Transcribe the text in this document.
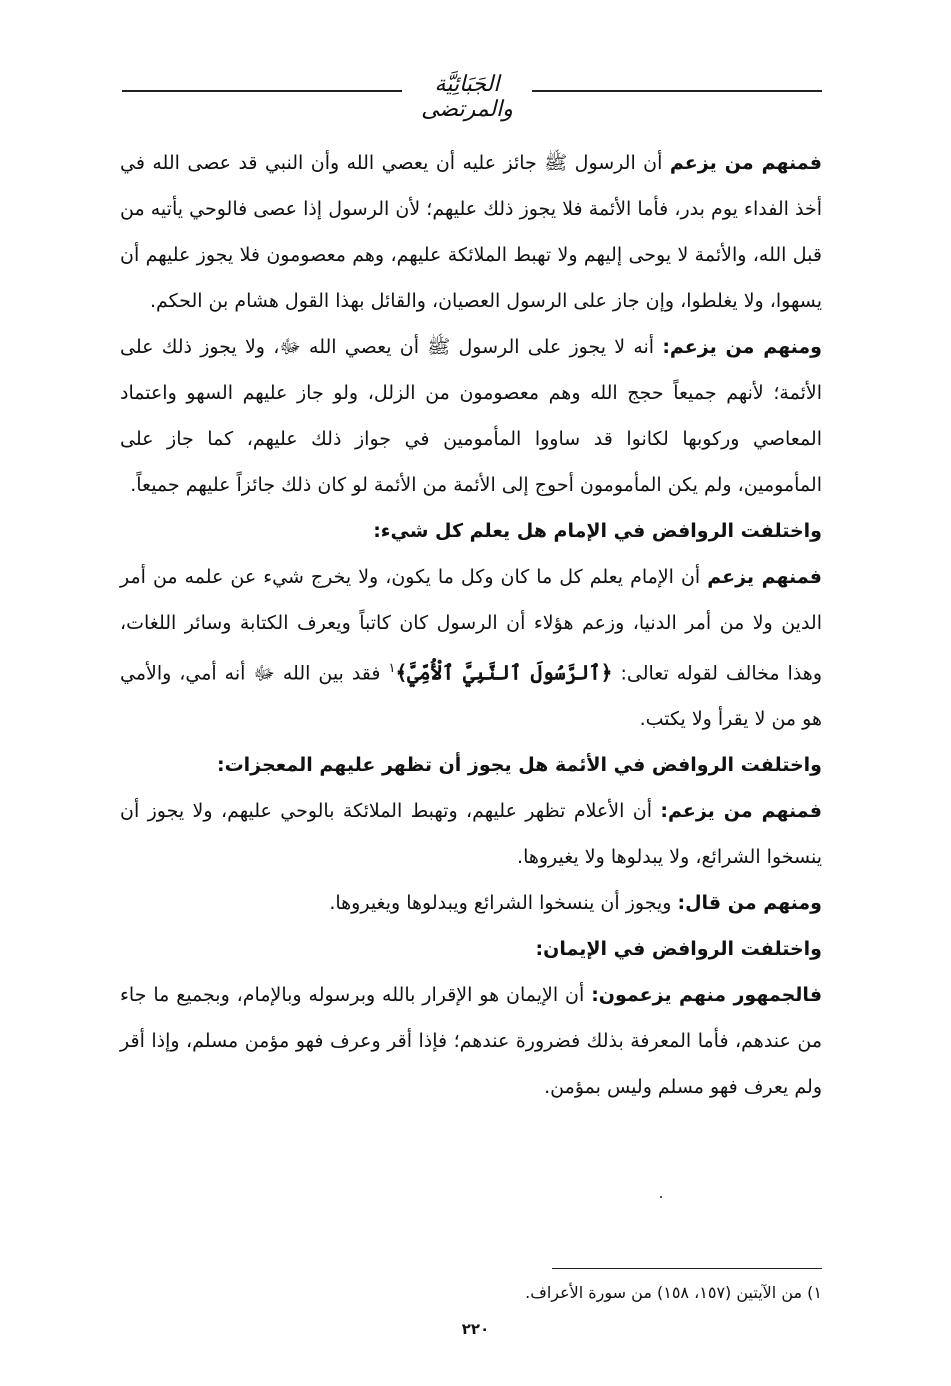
الجَبَائِيَّة والمرتضى

فمنهم من يزعم أن الرسول ﷺ جائز عليه أن يعصي الله وأن النبي قد عصى الله في أخذ الفداء يوم بدر، فأما الأئمة فلا يجوز ذلك عليهم؛ لأن الرسول إذا عصى فالوحي يأتيه من قبل الله، والأئمة لا يوحى إليهم ولا تهبط الملائكة عليهم، وهم معصومون فلا يجوز عليهم أن يسهوا، ولا يغلطوا، وإن جاز على الرسول العصيان، والقائل بهذا القول هشام بن الحكم.

ومنهم من يزعم: أنه لا يجوز على الرسول ﷺ أن يعصي الله ﷻ، ولا يجوز ذلك على الأئمة؛ لأنهم جميعاً حجج الله وهم معصومون من الزلل، ولو جاز عليهم السهو واعتماد المعاصي وركوبها لكانوا قد ساووا المأمومين في جواز ذلك عليهم، كما جاز على المأمومين، ولم يكن المأمومون أحوج إلى الأئمة من الأئمة لو كان ذلك جائزاً عليهم جميعاً.

واختلفت الروافض في الإمام هل يعلم كل شيء:

فمنهم يزعم أن الإمام يعلم كل ما كان وكل ما يكون، ولا يخرج شيء عن علمه من أمر الدين ولا من أمر الدنيا، وزعم هؤلاء أن الرسول كان كاتباً ويعرف الكتابة وسائر اللغات، وهذا مخالف لقوله تعالى: ﴿ٱلرَّسُولَ ٱلنَّبِيَّ ٱلْأُمِّيَّ﴾$^١$ فقد بين الله ﷻ أنه أمي، والأمي هو من لا يقرأ ولا يكتب.

واختلفت الروافض في الأئمة هل يجوز أن تظهر عليهم المعجزات:

فمنهم من يزعم: أن الأعلام تظهر عليهم، وتهبط الملائكة بالوحي عليهم، ولا يجوز أن ينسخوا الشرائع، ولا يبدلوها ولا يغيروها.

ومنهم من قال: ويجوز أن ينسخوا الشرائع ويبدلوها ويغيروها.

واختلفت الروافض في الإيمان:

فالجمهور منهم يزعمون: أن الإيمان هو الإقرار بالله وبرسوله وبالإمام، وبجميع ما جاء من عندهم، فأما المعرفة بذلك فضرورة عندهم؛ فإذا أقر وعرف فهو مؤمن مسلم، وإذا أقر ولم يعرف فهو مسلم وليس بمؤمن.

١) من الآيتين (١٥٧، ١٥٨) من سورة الأعراف.
٢٢٠
